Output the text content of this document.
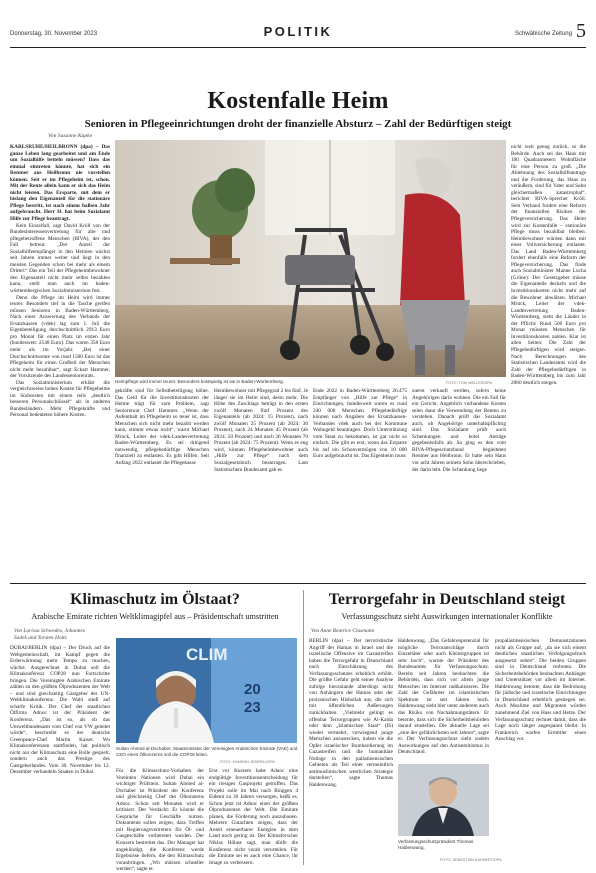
Donnerstag, 30. November 2023	POLITIK	Schwäbische Zeitung 5
Kostenfalle Heim
Senioren in Pflegeeinrichtungen droht der finanzielle Absturz – Zahl der Bedürftigen steigt
Von Susanne Kupke

KARLSRUHE/HEILBRONN (dpa) – Das ganze Leben lang gearbeitet und am Ende um Sozialhilfe betteln müssen? Dass das einmal eintreten könnte, hat sich ein Rentner aus Heilbronn nie vorstellen können. Seit er im Pflegeheim ist, schon. Mit der Rente allein kann er sich das Heim nicht leisten. Das Ersparte, mit dem er bislang den Eigenanteil für die stationäre Pflege bestritt, ist nach einem halben Jahr aufgebraucht. Herr H. hat beim Sozialamt Hilfe zur Pflege beantragt.

Kein Einzelfall, sagt David Kröll von der Bundesinteressenvertretung für alte und pflegebetroffene Menschen (BIVA), der den Fall betreut: „Der Anteil der Sozialhilfeempfänger in den Heimen wächst seit Jahren immer weiter und liegt in den meisten Gegenden schon bei mehr als einem Drittel.“ Das ein Teil der Pflegeheimbewohner den Eigenanteil nicht mehr selbst bezahlen kann, stellt man auch im baden-württembergischen Sozialministerium fest.

Denn die Pflege im Heim wird immer teurer. Besonders tief in die Tasche greifen müssen Senioren in Baden-Württemberg. Nach einer Auswertung des Verbands der Ersatzkassen (vdek) lag zum 1. Juli die Eigenbeteiligung durchschnittlich 2913 Euro pro Monat für einen Platz im ersten Jahr (bundesweit: 2548 Euro). Das waren 358 Euro mehr als im Vorjahr. „Bei einer Durchschnittsrente von rund 1500 Euro ist das Pflegeheim für einen Großteil der Menschen nicht mehr bezahlbar“, sagt Eckart Hammer, der Vorsitzende des Landesseniorenrats.

Das Sozialministerium erklärt die vergleichsweise hohen Kosten für Pflegeheime im Südwesten mit einem teils „deutlich besseren Personalschlüssel“ als in anderen Bundesländern. Mehr Pflegekräfte und Personal bedeuteten höhere Kosten.

Heimpflege wird immer teurer. Besonders kostspielig ist sie in Baden-Württemberg.	FOTO: TOM WELLER/DPA

gekräfte sind für Selbstbeteiligung höher. Das Geld für die Investitionskosten der Heime trägt für zum Problem, sagt Seniorenrat Chef Hammer. „Wenn der Aufenthalt im Pflegeheim so teuer ist, dass Menschen sich nicht mehr bezahlt werden kann, stimmt etwas nicht“, warnt Michael Mruck, Leiter der vdek-Landesvertretung Baden-Württemberg. Es sei dringend notwendig, pflegebedürftige Menschen finanziell zu entlasten. Es gibt Hilfen. Seit Anfang 2022 entlastet die Pflegekasse

Heimbewohner mit Pflegegrad 2 bis fünf. Je länger sie im Heim sind, desto mehr. Die Höhe des Zuschlags beträgt in den ersten zwölf Monaten fünf Prozent des Eigenanteils (ab 2024: 15 Prozent), nach zwölf Monaten 25 Prozent (ab 2024: 30 Prozent), nach 24 Monaten 45 Prozent (ab 2024: 50 Prozent) und nach 36 Monaten 70 Prozent (ab 2024: 75 Prozent). Wenn es eng wird, können Pflegeheimbewohner auch „Hilfe zur Pflege“ nach dem Sozialgesetzbuch beantragen. Laut Statistischem Bundesamt gab es

Ende 2022 in Baden-Württemberg 26.475 Empfänger von „Hilfe zur Pflege“ in Einrichtungen, bundesweit waren es rund 240 000 Menschen. Pflegebedürftige können nach Angaben des Ersatzkassen-Verbandes vdek auch bei der Kommune Wohngeld beantragen. Doch Unterstützung vom Staat zu bekommen, ist gar nicht so einfach. Die gibt es erst, wenn das Ersparte bis auf ein Schonvermögen von 10 000 Euro aufgebraucht ist. Das Eigenheim muss

zuerst verkauft werden, sofern keine Angehörigen darin wohnen. Die ein Fall für ein Gericht. Angeblich vorhandene Kosten seien dann die Verwendung der Renten zu verstehen. Danach prüft das Sozialamt auch, ob Angehörige unterhaltspflichtig sind. Das Sozialamt prüft auch Schenkungen und leitet Anträge gegebenenfalls ab. So ging es den vom BIVA-Pflegeschutzbund begleiteten Rentner aus Heilbronn. Er hatte sein Haus vor acht Jahren seinem Sohn überschrieben, der darin lebt. Die Schenkung liege

nicht weit genug zurück, so die Behörde. Auch sei das Haus mit 100 Quadratmetern Wohnfläche für eine Person zu groß. „Die Ablehnung des Sozialhilfeantrags und die Forderung, das Haus zu veräußern, sind für Vater und Sohn gleichermaßen katastrophal“, berichtet BIVA-Sprecher Kröll. Sein Verband fordert eine Reform der finanziellen Risiken der Pflegeversicherung. Das Heim wird zur Kostenfalle – stationäre Pflege muss bezahlbar bleiben. Heimbewohner würden dann mit einer Vollversicherung entlastet. Das Land Baden-Württemberg fordert ebenfalls eine Reform der Pflegeversicherung. Das finde auch Sozialminister Manne Lucha (Grüne): Der Gesetzgeber müsse die Eigenanteile deckeln und die Investitionskosten nicht mehr auf die Bewohner abwälzen. Michael Mruck, Leiter der vdek-Landesvertretung Baden-Württemberg, sieht die Länder in der Pflicht: Rund 500 Euro pro Monat müssten Menschen für Investitionskosten zahlen. Klar ist allen Seiten: Die Zahl der Pflegebedürftigen wird steigen. Nach Berechnungen des Statistischen Landesamts wird die Zahl der Pflegebedürftigen in Baden-Württemberg bis zum Jahr 2060 deutlich steigen.

Klimaschutz im Ölstaat?
Arabische Emirate richten Weltklimagipfel aus – Präsidentschaft umstritten
Von Larissa Schwedes, Johannes
Sadek und Torsten Holtz

DUBAI/BERLIN (dpa) – Der Druck auf die Weltgemeinschaft, im Kampf gegen die Erderwärmung mehr Tempo zu machen, wächst. Ausgerechnet in Dubai soll die Klimakonferenz COP28 nun Fortschritte bringen. Die Vereinigten Arabischen Emirate zählen zu den größten Ölproduzenten der Welt – und sind gleichzeitig Gastgeber der UN-Weltklimakonferenz. Die Wahl stieß auf scharfe Kritik. Der Chef der staatlichen Ölfirma Adnoc ist der Präsident der Konferenz. „Das ist so, als ob das Umweltbundesamt vom Chef von VW geleitet würde“, beschreibt es der deutsche Greenpeace-Chef Martin Kaiser. Wo Klimakonferenzen stattfinden, hat politisch nicht nur der Klimaschutz eine Rolle gespielt, sondern auch das Prestige des Gastgeberlandes. Vom 30. November bis 12. Dezember verhandeln Staaten in Dubai.

CLIM
20
23
Sultan Ahmed al-Dschaber, Staatsminister der Vereinigten Arabischen Emirate (VAE) und CEO eines Ölkonzerns soll die COP28 leiten.
FOTO: KAMRAN JEBREILI/DPA

Für die Klimaschutz-Vorhaben der Vereinten Nationen wird Dubai ein wichtiger Prüfstein. Sultan Ahmed al-Dschaber ist Präsident der Konferenz und gleichzeitig Chef des Ölkonzerns Adnoc. Schon seit Monaten wird er kritisiert. Der Verdacht: Er könnte die Gespräche für Geschäfte nutzen. Dokumente sollen zeigen, dass Treffen mit Regierungsvertretern für Öl- und Gasgeschäfte vorbereitet wurden. Der Konzern bestreitet das. Der Manager hat angekündigt, die Konferenz werde Ergebnisse liefern, die den Klimaschutz voranbringen. „Wir müssen schneller werden“, sagte er.

Erst vor Kurzem habe Adnoc eine endgültige Investitionsentscheidung für ein riesiges Gasprojekt getroffen. Das Projekt solle im Mai nach Ringgen 4 Eidemi zu 30 Jahren versorgen, heißt es. Schon jetzt ist Adnoc einer der größten Ölproduzenten der Welt. Die Emirate planen, die Förderung noch auszubauen. Mehrere Gutachten zeigen, dass der Anteil erneuerbarer Energien in dem Land noch gering ist. Der Klimaforscher Niklas Höhne sagt, man dürfe die Konferenz nicht vorab verurteilen. Für die Emirate sei es auch eine Chance, ihr Image zu verbessern.

Terrorgefahr in Deutschland steigt
Verfassungsschutz sieht Auswirkungen internationaler Konflikte
Von Anne Beatrice Clasmann

BERLIN (dpa) – Der terroristische Angriff der Hamas in Israel und die israelische Offensive im Gazastreifen haben die Terrorgefahr in Deutschland nach Einschätzung des Verfassungsschutzes erheblich erhöht. Die größte Gefahr geht seiner Analyse zufolge hierzulande allerdings nicht von Anhängern der Hamas oder der proiranischen Hisbollah aus, die sich mit öffentlichen Äußerungen zurückhalten. „Vielmehr gelingt es offenbar Terrorgruppen wie Al-Kaida oder dem „Islamischen Staat“ (IS) wieder vermehrt, vorwiegend junge Menschen anzustecken, indem sie die Opfer israelischer Bombardierung im Gazastreifen und die humanitäre Notlage in den palästinensischen Gebieten als Teil einer vermeintlich antimuslimischen westlichen Strategie darstellen“, sagte Thomas Haldenwang.

Haldenwang. „Das Gefahrenpotenzial für mögliche Terroranschläge durch Einzeltäter oder auch Kleinstgruppen ist sehr hoch“, warnte der Präsident des Bundesamtes für Verfassungsschutz. Bereits seit Jahren beobachten die Behörden, dass sich vor allem junge Menschen im Internet radikalisieren. Die Zahl der Gefährder im islamistischen Spektrum ist seit Jahren hoch. Haldenwang sieht hier unter anderem auch das Risiko von Nachahmungstätern. Er betonte, dass sich die Sicherheitsbehörden darauf einstellen. Die aktuelle Lage sei „eine der gefährlichsten seit Jahren“, sagte er. Der Verfassungsschutz sieht zudem Auswirkungen auf den Antisemitismus in Deutschland.

Verfassungsschutzpräsident Thomas Haldenwang.
FOTO: SEBASTIAN KAHNERT/DPA

propalästinensischen Demonstrationen nicht als Gruppe auf, „da sie sich einem deutlichen staatlichen Verfolgungsdruck ausgesetzt sehen“. Die beiden Gruppen sind in Deutschland verboten. Die Sicherheitsbehörden beobachten Anhänger und Unterstützer vor allem im Internet. Haldenwang betonte, dass die Bedrohung für jüdische und israelische Einrichtungen in Deutschland erheblich gestiegen sei. Auch Muslime und Migranten würden zunehmend Ziel von Hass und Hetze. Der Verfassungsschutz rechnet damit, dass die Lage noch länger angespannt bleibt. In Frankreich warfen Ermittler einen Anschlag vor.
